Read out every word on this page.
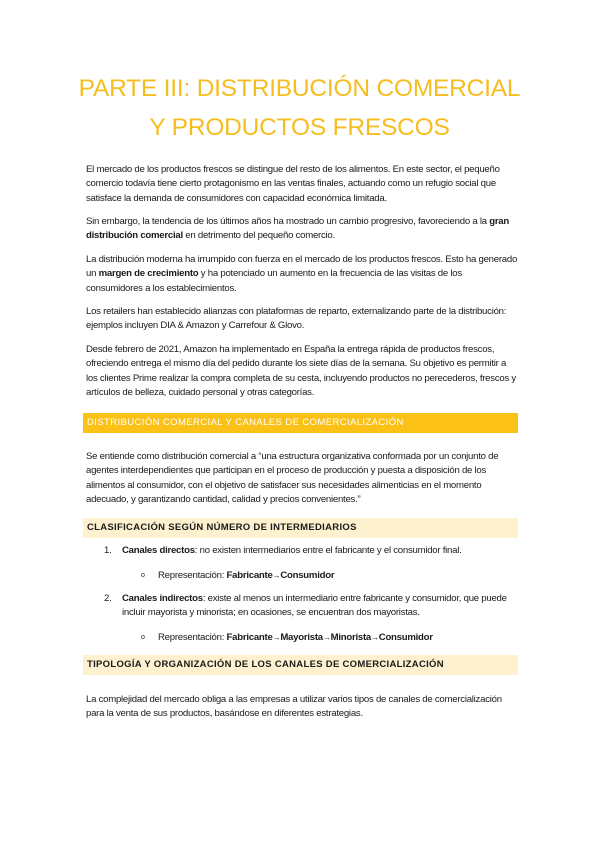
PARTE III: DISTRIBUCIÓN COMERCIAL
Y PRODUCTOS FRESCOS
El mercado de los productos frescos se distingue del resto de los alimentos. En este sector, el pequeño comercio todavía tiene cierto protagonismo en las ventas finales, actuando como un refugio social que satisface la demanda de consumidores con capacidad económica limitada.
Sin embargo, la tendencia de los últimos años ha mostrado un cambio progresivo, favoreciendo a la gran distribución comercial en detrimento del pequeño comercio.
La distribución moderna ha irrumpido con fuerza en el mercado de los productos frescos. Esto ha generado un margen de crecimiento y ha potenciado un aumento en la frecuencia de las visitas de los consumidores a los establecimientos.
Los retailers han establecido alianzas con plataformas de reparto, externalizando parte de la distribución: ejemplos incluyen DIA & Amazon y Carrefour & Glovo.
Desde febrero de 2021, Amazon ha implementado en España la entrega rápida de productos frescos, ofreciendo entrega el mismo día del pedido durante los siete días de la semana. Su objetivo es permitir a los clientes Prime realizar la compra completa de su cesta, incluyendo productos no perecederos, frescos y artículos de belleza, cuidado personal y otras categorías.
DISTRIBUCIÓN COMERCIAL Y CANALES DE COMERCIALIZACIÓN
Se entiende como distribución comercial a “una estructura organizativa conformada por un conjunto de agentes interdependientes que participan en el proceso de producción y puesta a disposición de los alimentos al consumidor, con el objetivo de satisfacer sus necesidades alimenticias en el momento adecuado, y garantizando cantidad, calidad y precios convenientes.”
CLASIFICACIÓN SEGÚN NÚMERO DE INTERMEDIARIOS
1. Canales directos: no existen intermediarios entre el fabricante y el consumidor final.
o Representación: Fabricante→Consumidor
2. Canales indirectos: existe al menos un intermediario entre fabricante y consumidor, que puede incluir mayorista y minorista; en ocasiones, se encuentran dos mayoristas.
o Representación: Fabricante→Mayorista→Minorista→Consumidor
TIPOLOGÍA Y ORGANIZACIÓN DE LOS CANALES DE COMERCIALIZACIÓN
La complejidad del mercado obliga a las empresas a utilizar varios tipos de canales de comercialización para la venta de sus productos, basándose en diferentes estrategias.
